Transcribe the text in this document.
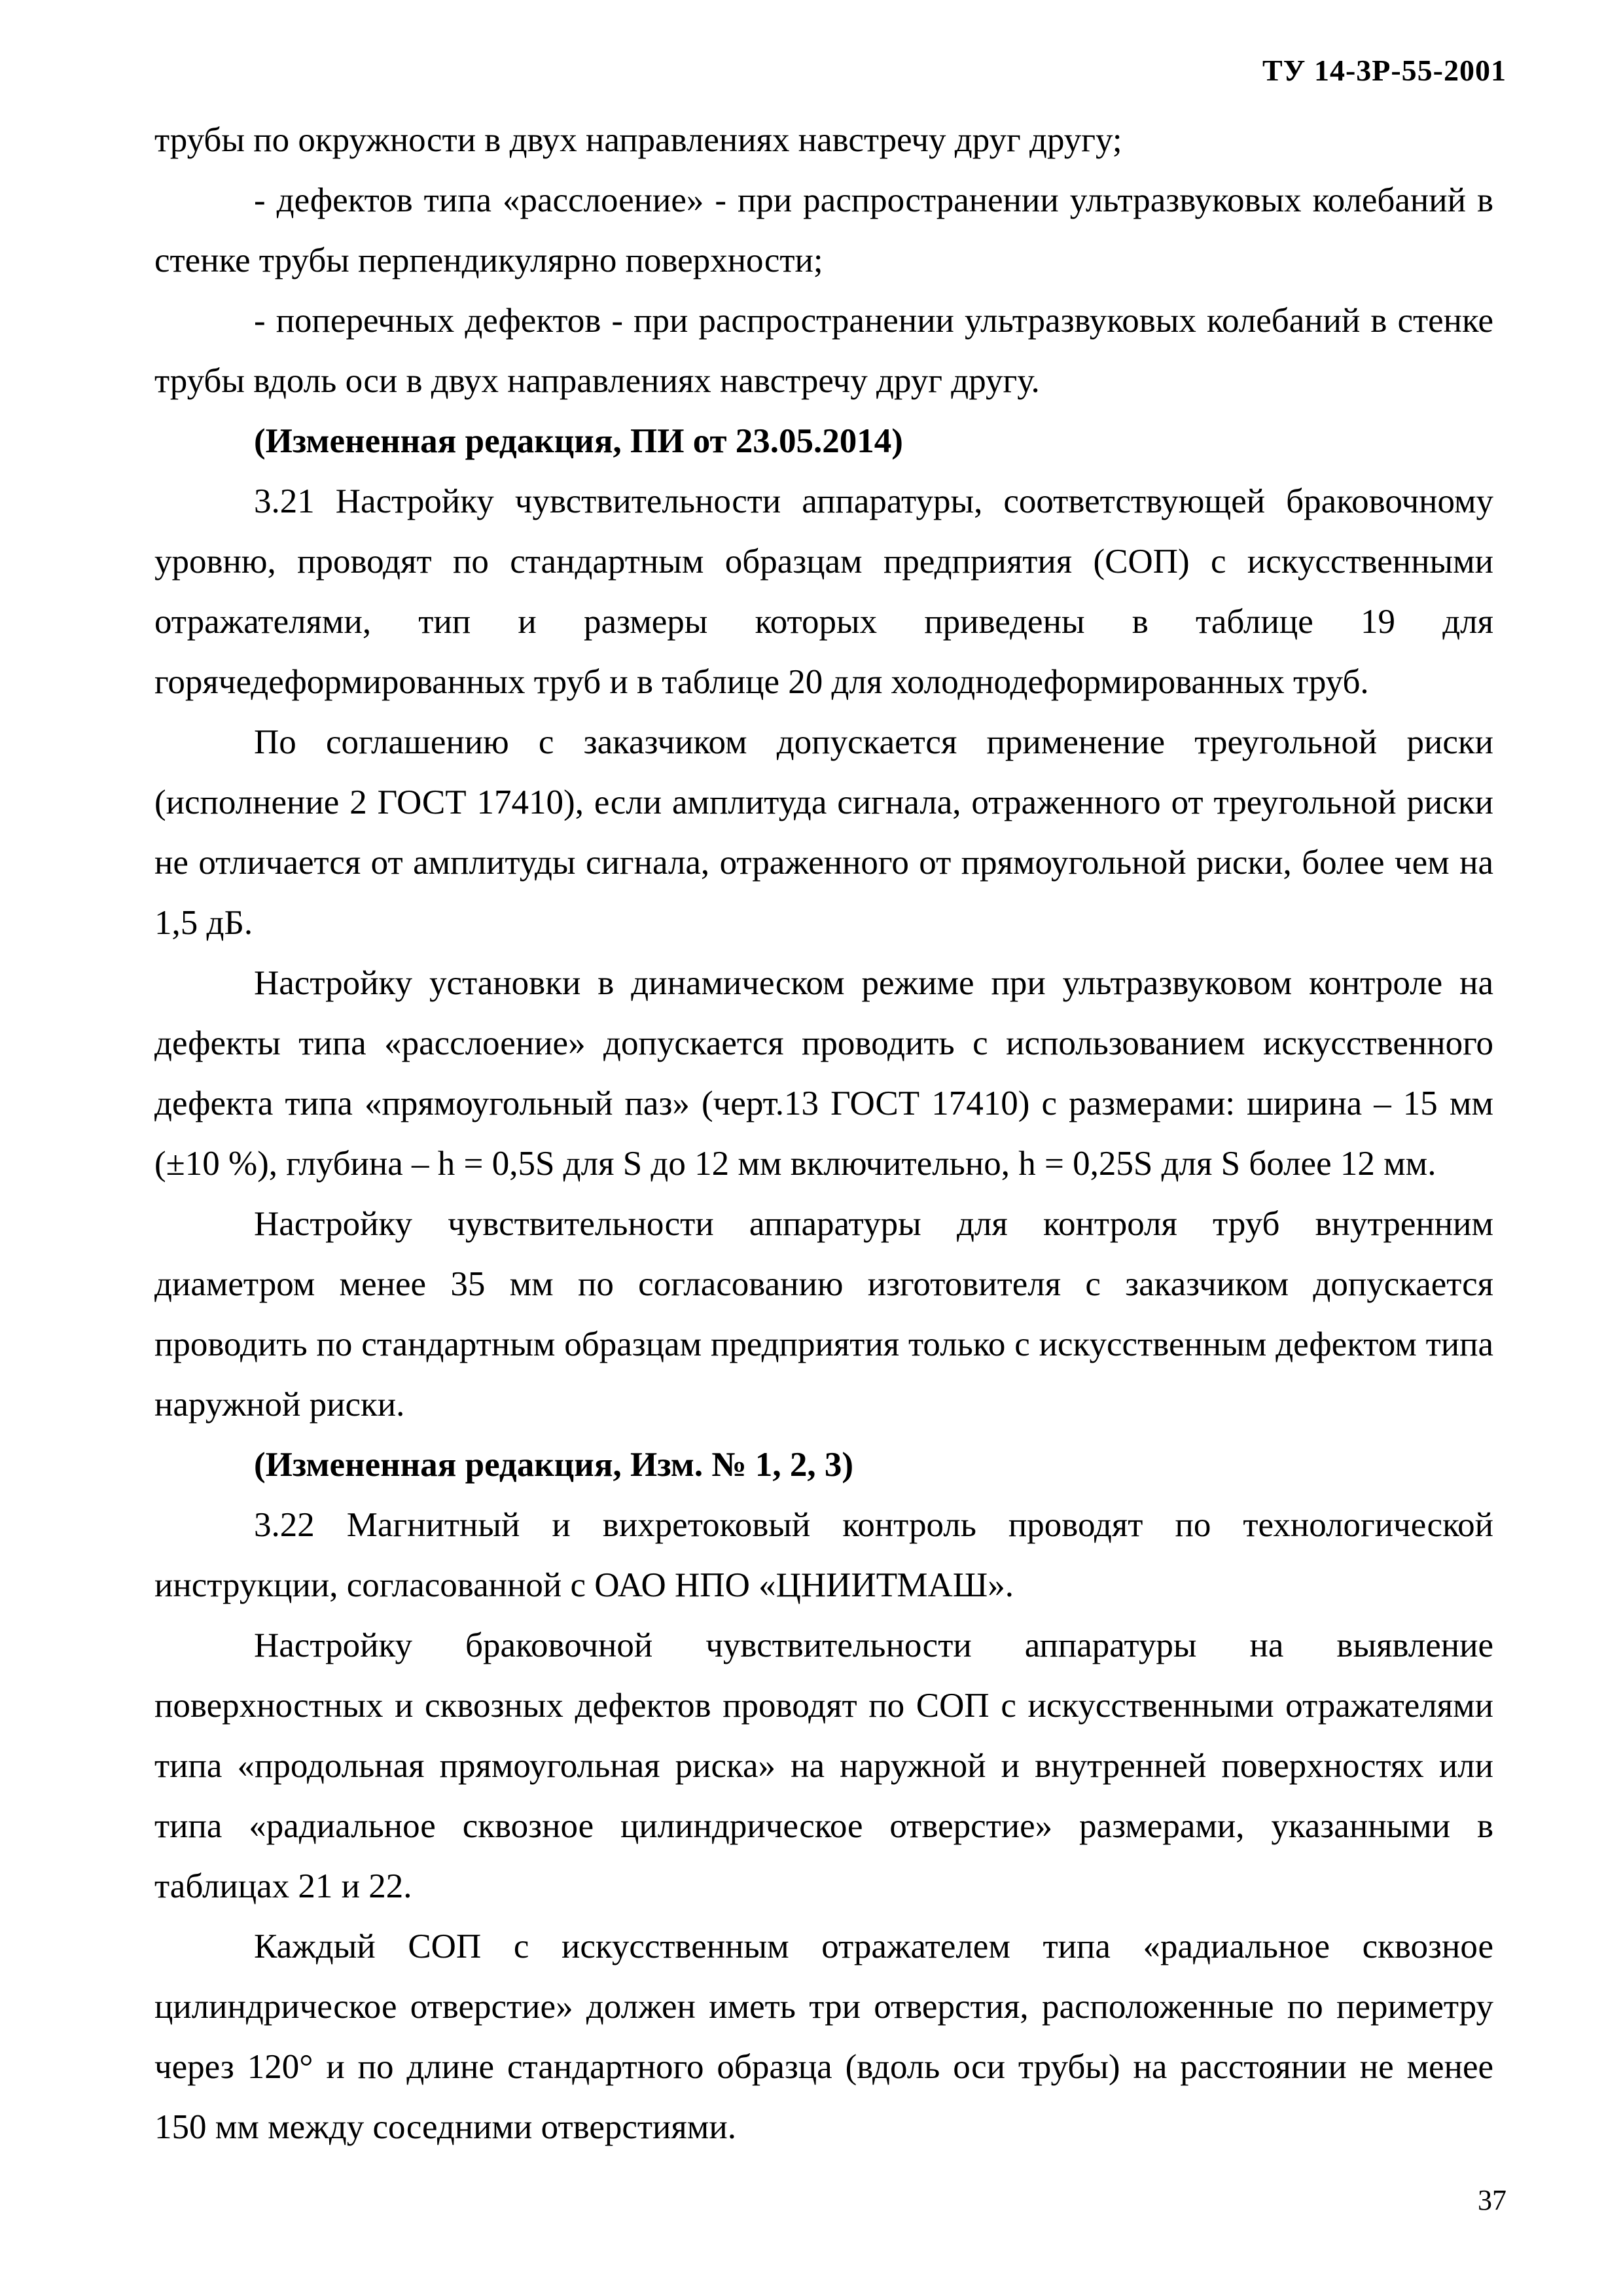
ТУ 14-3Р-55-2001

трубы по окружности в двух направлениях навстречу друг другу;

- дефектов типа «расслоение» - при распространении ультразвуковых колебаний в стенке трубы перпендикулярно поверхности;

- поперечных дефектов - при распространении ультразвуковых колебаний в стенке трубы вдоль оси в двух направлениях навстречу друг другу.

(Измененная редакция, ПИ от 23.05.2014)

3.21 Настройку чувствительности аппаратуры, соответствующей браковочному уровню, проводят по стандартным образцам предприятия (СОП) с искусственными отражателями, тип и размеры которых приведены в таблице 19 для горячедеформированных труб и в таблице 20 для холоднодеформированных труб.

По соглашению с заказчиком допускается применение треугольной риски (исполнение 2 ГОСТ 17410), если амплитуда сигнала, отраженного от треугольной риски не отличается от амплитуды сигнала, отраженного от прямоугольной риски, более чем на 1,5 дБ.

Настройку установки в динамическом режиме при ультразвуковом контроле на дефекты типа «расслоение» допускается проводить с использованием искусственного дефекта типа «прямоугольный паз» (черт.13 ГОСТ 17410) с размерами: ширина – 15 мм (±10 %), глубина – h = 0,5S для S до 12 мм включительно, h = 0,25S для S более 12 мм.

Настройку чувствительности аппаратуры для контроля труб внутренним диаметром менее 35 мм по согласованию изготовителя с заказчиком допускается проводить по стандартным образцам предприятия только с искусственным дефектом типа наружной риски.

(Измененная редакция, Изм. № 1, 2, 3)

3.22 Магнитный и вихретоковый контроль проводят по технологической инструкции, согласованной с ОАО НПО «ЦНИИТМАШ».

Настройку браковочной чувствительности аппаратуры на выявление поверхностных и сквозных дефектов проводят по СОП с искусственными отражателями типа «продольная прямоугольная риска» на наружной и внутренней поверхностях или типа «радиальное сквозное цилиндрическое отверстие» размерами, указанными в таблицах 21 и 22.

Каждый СОП с искусственным отражателем типа «радиальное сквозное цилиндрическое отверстие» должен иметь три отверстия, расположенные по периметру через 120° и по длине стандартного образца (вдоль оси трубы) на расстоянии не менее 150 мм между соседними отверстиями.

37
